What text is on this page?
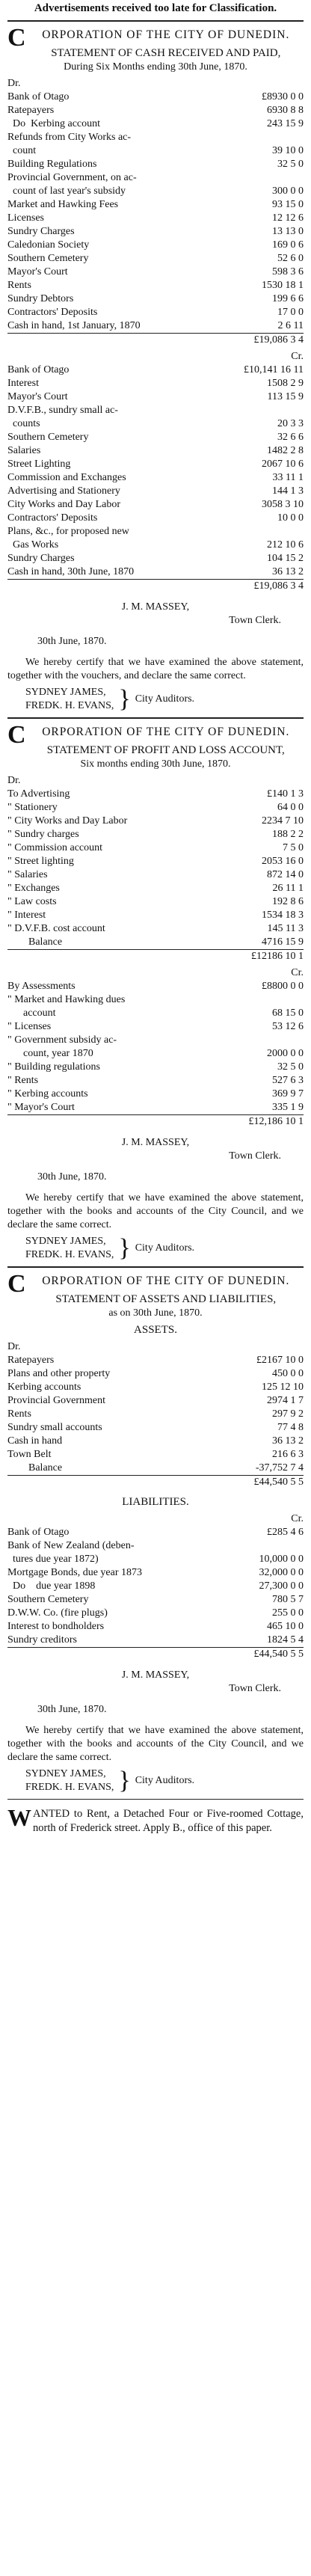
Advertisements received too late for Classification.
C ORPORATION OF THE CITY OF DUNEDIN.
STATEMENT OF CASH RECEIVED AND PAID,
During Six Months ending 30th June, 1870.
Dr.
Bank of Otago	£8930 0 0
Ratepayers	6930 8 8
Do  Kerbing account	243 15 9
Refunds from City Works ac-	
count	39 10 0
Building Regulations	32 5 0
Provincial Government, on ac-	
count of last year's subsidy	300 0 0
Market and Hawking Fees	93 15 0
Licenses	12 12 6
Sundry Charges	13 13 0
Caledonian Society	169 0 6
Southern Cemetery	52 6 0
Mayor's Court	598 3 6
Rents	1530 18 1
Sundry Debtors	199 6 6
Contractors' Deposits	17 0 0
Cash in hand, 1st January, 1870	2 6 11
	£19,086 3 4
Cr.
Bank of Otago	£10,141 16 11
Interest	1508 2 9
Mayor's Court	113 15 9
D.V.F.B., sundry small ac-	
counts	20 3 3
Southern Cemetery	32 6 6
Salaries	1482 2 8
Street Lighting	2067 10 6
Commission and Exchanges	33 11 1
Advertising and Stationery	144 1 3
City Works and Day Labor	3058 3 10
Contractors' Deposits	10 0 0
Plans, &c., for proposed new	
Gas Works	212 10 6
Sundry Charges	104 15 2
Cash in hand, 30th June, 1870	36 13 2
	£19,086 3 4
J. M. MASSEY,
Town Clerk.
30th June, 1870.
We hereby certify that we have examined the above statement, together with the vouchers, and declare the same correct.
SYDNEY JAMES,
FREDK. H. EVANS, } City Auditors.
C ORPORATION OF THE CITY OF DUNEDIN.
STATEMENT OF PROFIT AND LOSS ACCOUNT,
Six months ending 30th June, 1870.
Dr.
To Advertising	£140 1 3
" Stationery	64 0 0
" City Works and Day Labor	2234 7 10
" Sundry charges	188 2 2
" Commission account	7 5 0
" Street lighting	2053 16 0
" Salaries	872 14 0
" Exchanges	26 11 1
" Law costs	192 8 6
" Interest	1534 18 3
" D.V.F.B. cost account	145 11 3
Balance	4716 15 9
	£12186 10 1
Cr.
By Assessments	£8800 0 0
" Market and Hawking dues	
account	68 15 0
" Licenses	53 12 6
" Government subsidy ac-	
count, year 1870	2000 0 0
" Building regulations	32 5 0
" Rents	527 6 3
" Kerbing accounts	369 9 7
" Mayor's Court	335 1 9
	£12,186 10 1
J. M. MASSEY,
Town Clerk.
30th June, 1870.
We hereby certify that we have examined the above statement, together with the books and accounts of the City Council, and we declare the same correct.
SYDNEY JAMES,
FREDK. H. EVANS, } City Auditors.
C ORPORATION OF THE CITY OF DUNEDIN.
STATEMENT OF ASSETS AND LIABILITIES,
as on 30th June, 1870.
ASSETS.
Dr.
Ratepayers	£2167 10 0
Plans and other property	450 0 0
Kerbing accounts	125 12 10
Provincial Government	2974 1 7
Rents	297 9 2
Sundry small accounts	77 4 8
Cash in hand	36 13 2
Town Belt	216 6 3
Balance	-37,752 7 4
	£44,540 5 5
LIABILITIES.
Cr.
Bank of Otago	£285 4 6
Bank of New Zealand (deben-	
tures due year 1872)	10,000 0 0
Mortgage Bonds, due year 1873	32,000 0 0
Do    due year 1898	27,300 0 0
Southern Cemetery	780 5 7
D.W.W. Co. (fire plugs)	255 0 0
Interest to bondholders	465 10 0
Sundry creditors	1824 5 4
	£44,540 5 5
J. M. MASSEY,
Town Clerk.
30th June, 1870.
We hereby certify that we have examined the above statement, together with the books and accounts of the City Council, and we declare the same correct.
SYDNEY JAMES,
FREDK. H. EVANS, } City Auditors.
W ANTED to Rent, a Detached Four or Five-roomed Cottage, north of Frederick street. Apply B., office of this paper.
